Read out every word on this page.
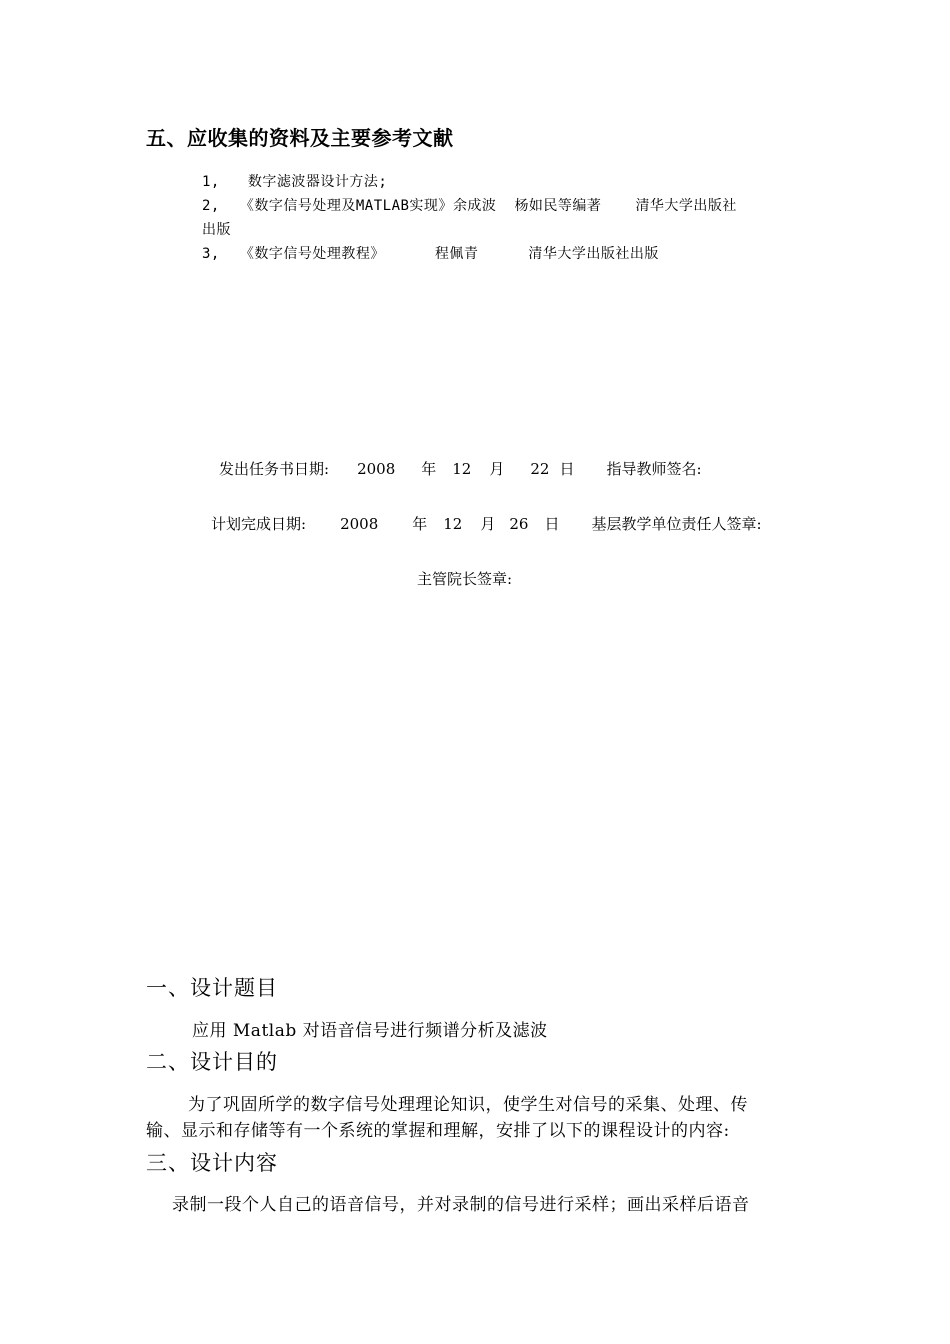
五、应收集的资料及主要参考文献
1, 数字滤波器设计方法;
2, 《数字信号处理及MATLAB实现》余成波 杨如民等编著 清华大学出版社
出版
3, 《数字信号处理教程》	程佩青	清华大学出版社出版
发出任务书日期: 2008 年 12 月 22 日 指导教师签名:
计划完成日期: 2008 年 12 月 26 日 基层教学单位责任人签章:
主管院长签章:
一、设计题目
应用 Matlab 对语音信号进行频谱分析及滤波
二、设计目的
为了巩固所学的数字信号处理理论知识，使学生对信号的采集、处理、传
输、显示和存储等有一个系统的掌握和理解，安排了以下的课程设计的内容:
三、设计内容
录制一段个人自己的语音信号，并对录制的信号进行采样；画出采样后语音
